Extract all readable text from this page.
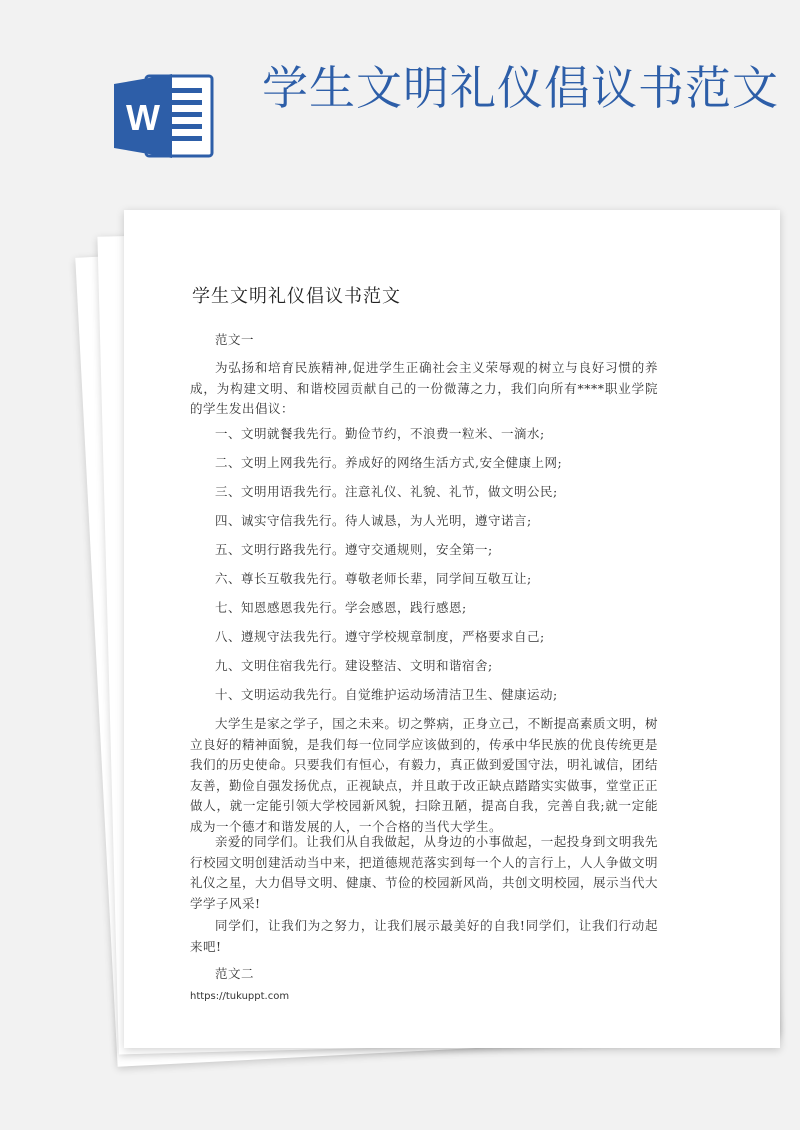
W
学生文明礼仪倡议书范文
学生文明礼仪倡议书范文
范文一
为弘扬和培育民族精神,促进学生正确社会主义荣辱观的树立与良好习惯的养成，为构建文明、和谐校园贡献自己的一份微薄之力，我们向所有****职业学院的学生发出倡议：
一、文明就餐我先行。勤俭节约，不浪费一粒米、一滴水;
二、文明上网我先行。养成好的网络生活方式,安全健康上网;
三、文明用语我先行。注意礼仪、礼貌、礼节，做文明公民;
四、诚实守信我先行。待人诚恳，为人光明，遵守诺言;
五、文明行路我先行。遵守交通规则，安全第一;
六、尊长互敬我先行。尊敬老师长辈，同学间互敬互让;
七、知恩感恩我先行。学会感恩，践行感恩;
八、遵规守法我先行。遵守学校规章制度，严格要求自己;
九、文明住宿我先行。建设整洁、文明和谐宿舍;
十、文明运动我先行。自觉维护运动场清洁卫生、健康运动;
大学生是家之学子，国之未来。切之弊病，正身立己，不断提高素质文明，树立良好的精神面貌，是我们每一位同学应该做到的，传承中华民族的优良传统更是我们的历史使命。只要我们有恒心，有毅力，真正做到爱国守法，明礼诚信，团结友善，勤俭自强发扬优点，正视缺点，并且敢于改正缺点踏踏实实做事，堂堂正正做人，就一定能引领大学校园新风貌，扫除丑陋，提高自我，完善自我;就一定能成为一个德才和谐发展的人，一个合格的当代大学生。
亲爱的同学们。让我们从自我做起，从身边的小事做起，一起投身到文明我先行校园文明创建活动当中来，把道德规范落实到每一个人的言行上，人人争做文明礼仪之星，大力倡导文明、健康、节俭的校园新风尚，共创文明校园，展示当代大学学子风采!
同学们，让我们为之努力，让我们展示最美好的自我!同学们，让我们行动起来吧!
范文二
https://tukuppt.com
